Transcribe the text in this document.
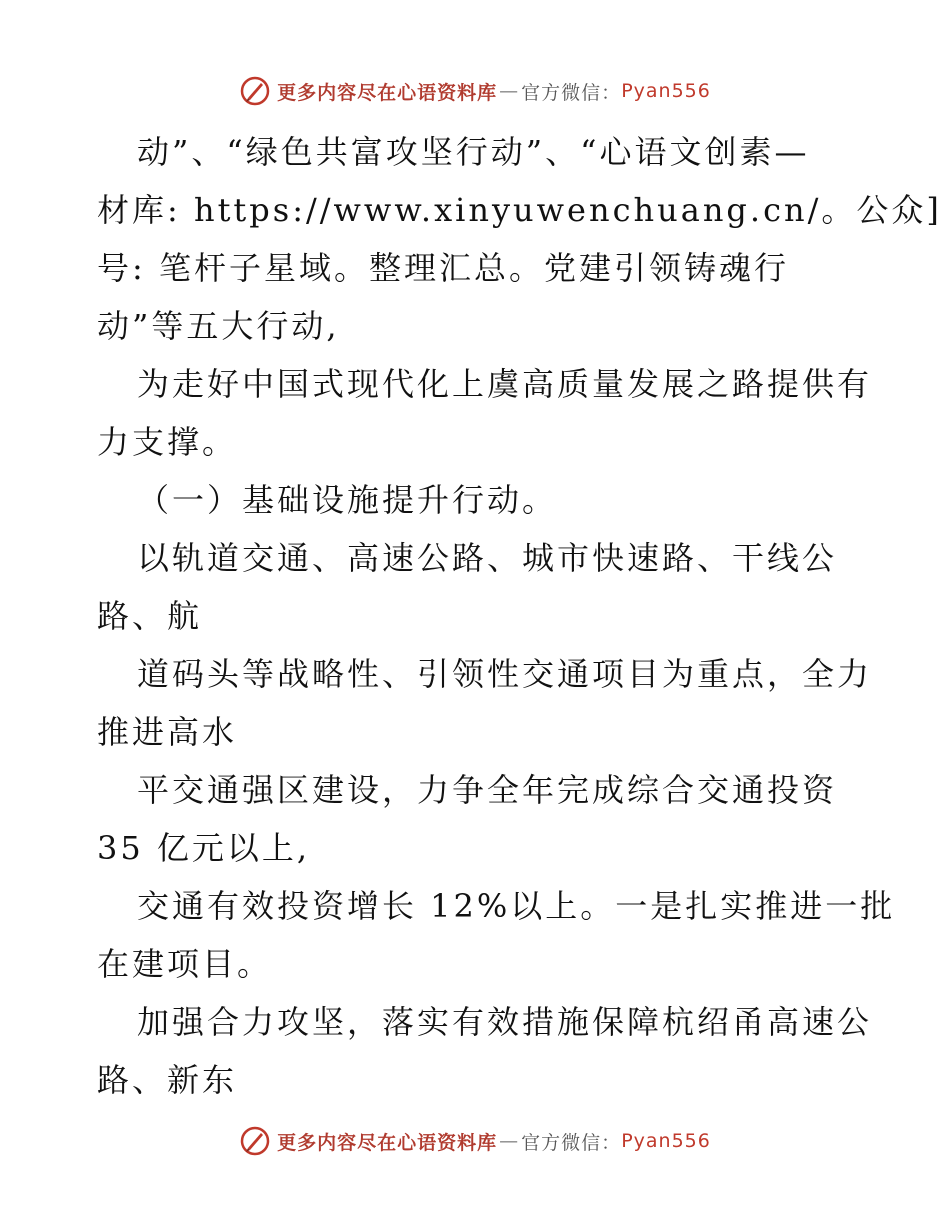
更多内容尽在心语资料库 — 官方微信： Pyan556
动”、“绿色共富攻坚行动”、“心语文创素—
材库: https://www.xinyuwenchuang.cn/。公众]
号: 笔杆子星域。整理汇总。党建引领铸魂行
动”等五大行动,
为走好中国式现代化上虞高质量发展之路提供有
力支撑。
（一）基础设施提升行动。
以轨道交通、高速公路、城市快速路、干线公
路、航
道码头等战略性、引领性交通项目为重点，全力
推进高水
平交通强区建设，力争全年完成综合交通投资
35 亿元以上,
交通有效投资增长 12%以上。一是扎实推进一批
在建项目。
加强合力攻坚，落实有效措施保障杭绍甬高速公
路、新东
更多内容尽在心语资料库 — 官方微信： Pyan556
